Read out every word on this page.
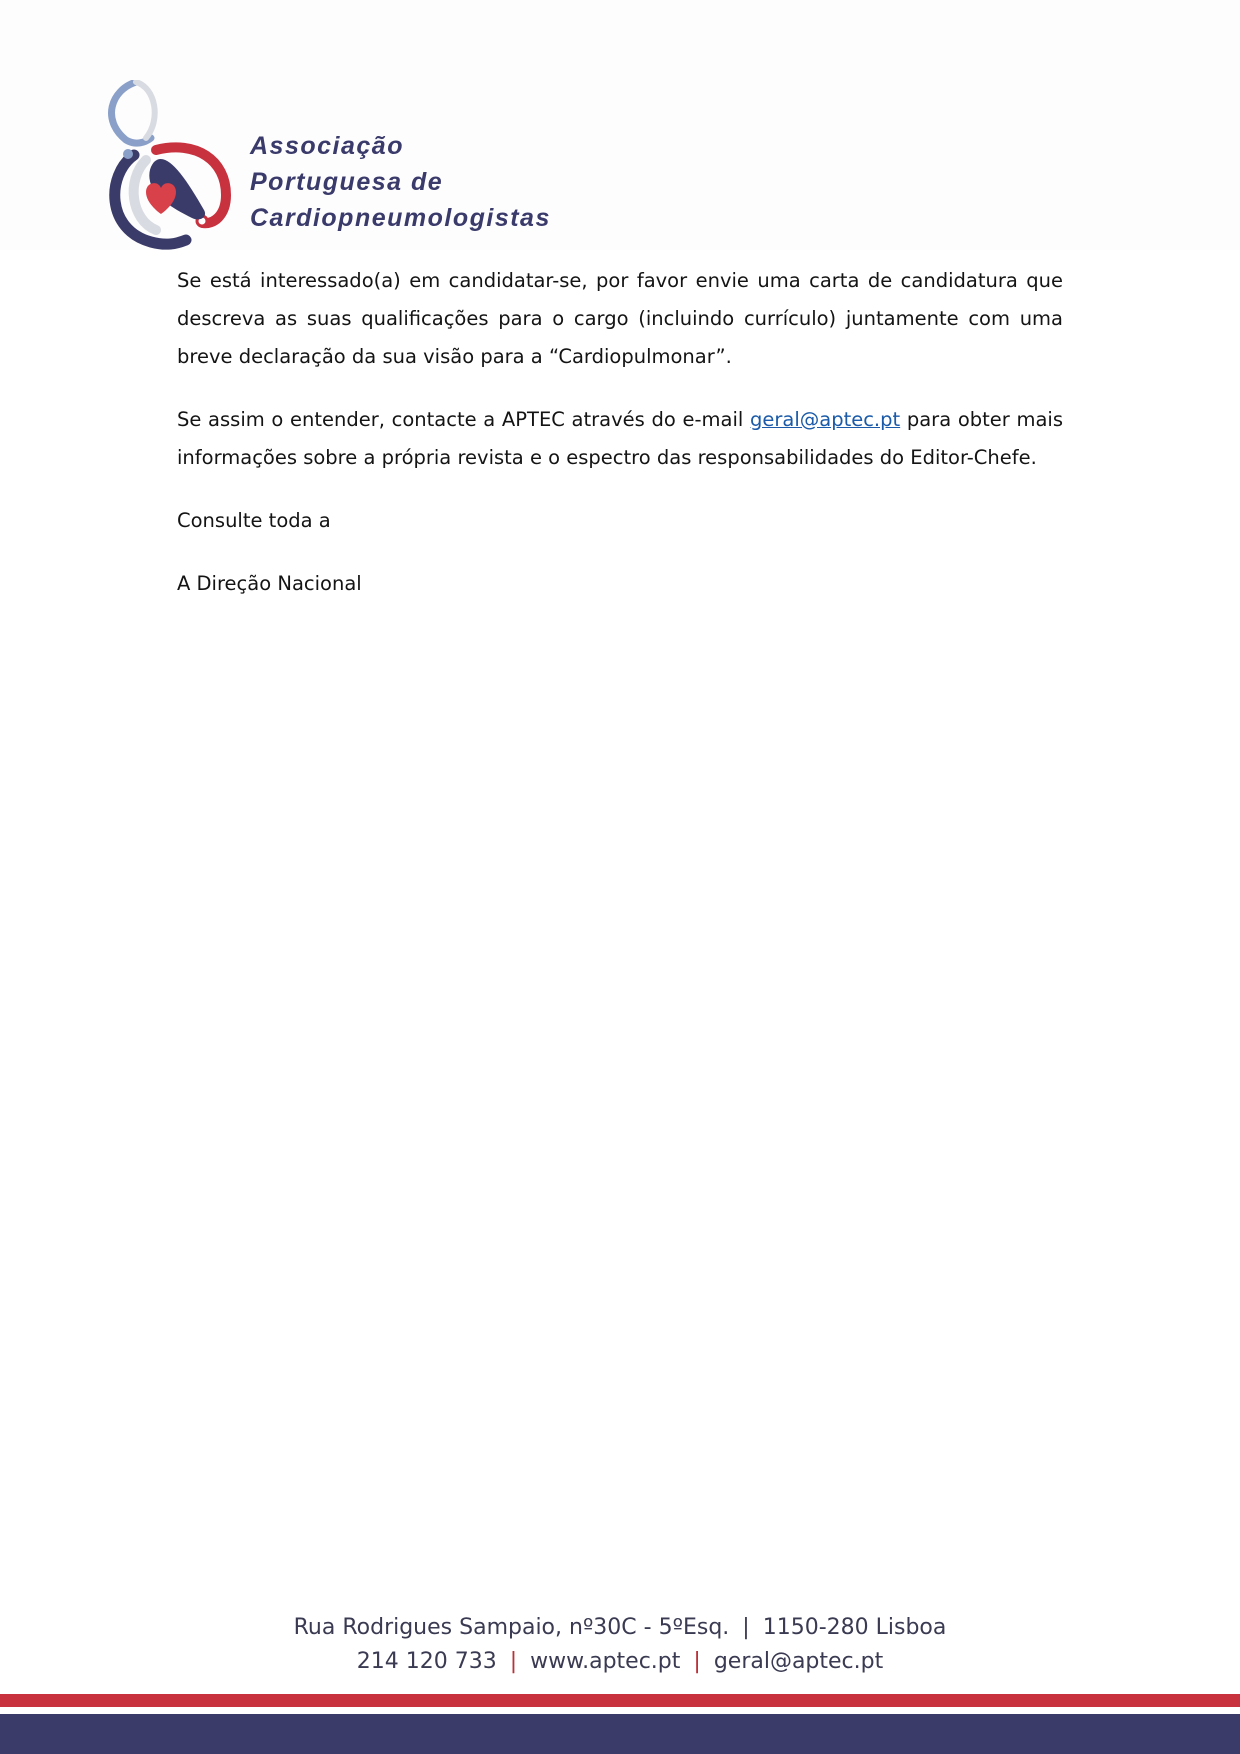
Associação
Portuguesa de
Cardiopneumologistas

Se está interessado(a) em candidatar-se, por favor envie uma carta de candidatura que descreva as suas qualificações para o cargo (incluindo currículo) juntamente com uma breve declaração da sua visão para a “Cardiopulmonar”.

Se assim o entender, contacte a APTEC através do e-mail geral@aptec.pt para obter mais informações sobre a própria revista e o espectro das responsabilidades do Editor-Chefe.

Consulte toda a

A Direção Nacional

Rua Rodrigues Sampaio, nº30C - 5ºEsq. | 1150-280 Lisboa
214 120 733 | www.aptec.pt | geral@aptec.pt
